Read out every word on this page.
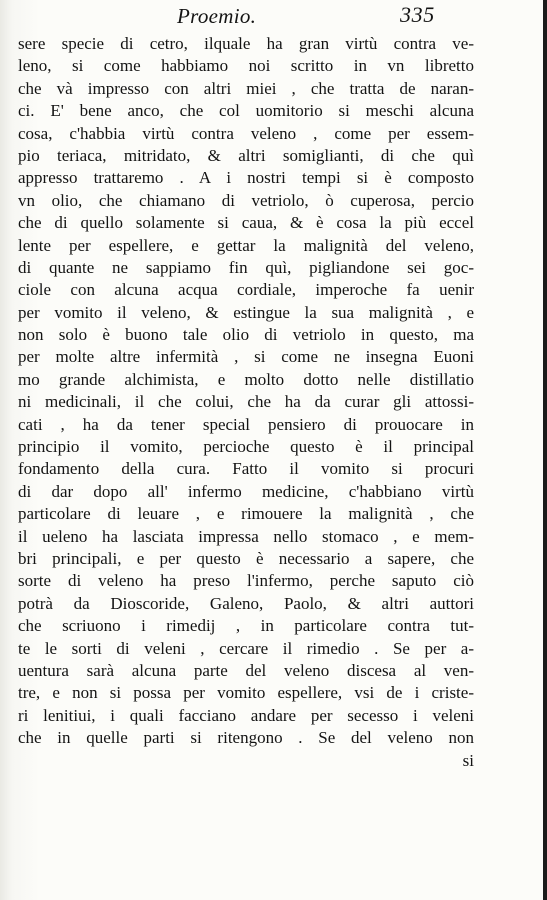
Proemio.	335
sere specie di cetro, ilquale ha gran virtù contra ve-
leno, si come habbiamo noi scritto in vn libretto
che và impresso con altri miei , che tratta de naran-
ci. E' bene anco, che col uomitorio si meschi alcuna
cosa, c'habbia virtù contra veleno , come per essem-
pio teriaca, mitridato, & altri somiglianti, di che quì
appresso trattaremo . A i nostri tempi si è composto
vn olio, che chiamano di vetriolo, ò cuperosa, percio
che di quello solamente si caua, & è cosa la più eccel
lente per espellere, e gettar la malignità del veleno,
di quante ne sappiamo fin quì, pigliandone sei goc-
ciole con alcuna acqua cordiale, imperoche fa uenir
per vomito il veleno, & estingue la sua malignità , e
non solo è buono tale olio di vetriolo in questo, ma
per molte altre infermità , si come ne insegna Euoni
mo grande alchimista, e molto dotto nelle distillatio
ni medicinali, il che colui, che ha da curar gli attossi-
cati , ha da tener special pensiero di prouocare in
principio il vomito, percioche questo è il principal
fondamento della cura. Fatto il vomito si procuri
di dar dopo all' infermo medicine, c'habbiano virtù
particolare di leuare , e rimouere la malignità , che
il ueleno ha lasciata impressa nello stomaco , e mem-
bri principali, e per questo è necessario a sapere, che
sorte di veleno ha preso l'infermo, perche saputo ciò
potrà da Dioscoride, Galeno, Paolo, & altri auttori
che scriuono i rimedij , in particolare contra tut-
te le sorti di veleni , cercare il rimedio . Se per a-
uentura sarà alcuna parte del veleno discesa al ven-
tre, e non si possa per vomito espellere, vsi de i criste-
ri lenitiui, i quali facciano andare per secesso i veleni
che in quelle parti si ritengono . Se del veleno non
si
